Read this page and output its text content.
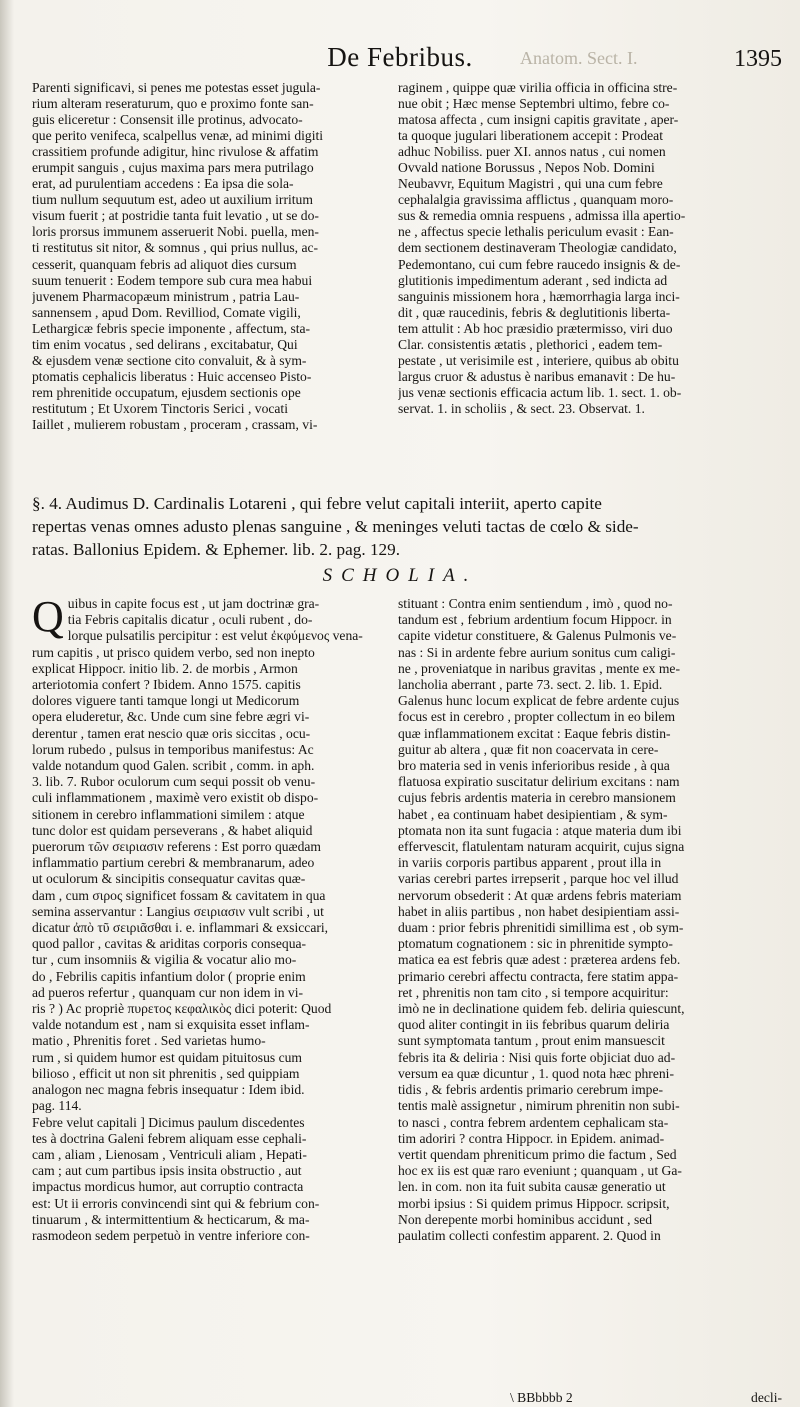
Anatom. Sect. I.
De Febribus.	1395
Parenti significavi, si penes me potestas esset jugula-
rium alteram reseraturum, quo e proximo fonte san-
guis eliceretur : Consensit ille protinus, advocato-
que perito venifeca, scalpellus venæ, ad minimi digiti
crassitiem profunde adigitur, hinc rivulose & affatim
erumpit sanguis , cujus maxima pars mera putrilago
erat, ad purulentiam accedens : Ea ipsa die sola-
tium nullum sequutum est, adeo ut auxilium irritum
visum fuerit ; at postridie tanta fuit levatio , ut se do-
loris prorsus immunem asseruerit Nobi. puella, men-
ti restitutus sit nitor, & somnus , qui prius nullus, ac-
cesserit, quanquam febris ad aliquot dies cursum
suum tenuerit : Eodem tempore sub cura mea habui
juvenem Pharmacopæum ministrum , patria Lau-
sannensem , apud Dom. Revilliod, Comate vigili,
Lethargicæ febris specie imponente , affectum, sta-
tim enim vocatus , sed delirans , excitabatur, Qui
& ejusdem venæ sectione cito convaluit, & à sym-
ptomatis cephalicis liberatus : Huic accenseo Pisto-
rem phrenitide occupatum, ejusdem sectionis ope
restitutum ; Et Uxorem Tinctoris Serici , vocati
Iaillet , mulierem robustam , proceram , crassam, vi-
raginem , quippe quæ virilia officia in officina stre-
nue obit ; Hæc mense Septembri ultimo, febre co-
matosa affecta , cum insigni capitis gravitate , aper-
ta quoque jugulari liberationem accepit : Prodeat
adhuc Nobiliss. puer XI. annos natus , cui nomen
Ovvald natione Borussus , Nepos Nob. Domini
Neubavvr, Equitum Magistri , qui una cum febre
cephalalgia gravissima afflictus , quanquam moro-
sus & remedia omnia respuens , admissa illa apertio-
ne , affectus specie lethalis periculum evasit : Ean-
dem sectionem destinaveram Theologiæ candidato,
Pedemontano, cui cum febre raucedo insignis & de-
glutitionis impedimentum aderant , sed indicta ad
sanguinis missionem hora , hæmorrhagia larga inci-
dit , quæ raucedinis, febris & deglutitionis liberta-
tem attulit : Ab hoc præsidio prætermisso, viri duo
Clar. consistentis ætatis , plethorici , eadem tem-
pestate , ut verisimile est , interiere, quibus ab obitu
largus cruor & adustus è naribus emanavit : De hu-
jus venæ sectionis efficacia actum lib. 1. sect. 1. ob-
servat. 1. in scholiis , & sect. 23. Observat. 1.
§. 4. Audimus D. Cardinalis Lotareni , qui febre velut capitali interiit, aperto capite
repertas venas omnes adusto plenas sanguine , & meninges veluti tactas de cœlo & side-
ratas. Ballonius Epidem. & Ephemer. lib. 2. pag. 129.
SCHOLIA.
Q uibus in capite focus est , ut jam doctrinæ gra-
tia Febris capitalis dicatur , oculi rubent , do-
lorque pulsatilis percipitur : est velut ἐκφύμενος vena-
rum capitis , ut prisco quidem verbo, sed non inepto
explicat Hippocr. initio lib. 2. de morbis , Armon
arteriotomia confert ? Ibidem. Anno 1575. capitis
dolores viguere tanti tamque longi ut Medicorum
opera eluderetur, &c. Unde cum sine febre ægri vi-
derentur , tamen erat nescio quæ oris siccitas , ocu-
lorum rubedo , pulsus in temporibus manifestus: Ac
valde notandum quod Galen. scribit , comm. in aph.
3. lib. 7. Rubor oculorum cum sequi possit ob venu-
culi inflammationem , maximè vero existit ob dispo-
sitionem in cerebro inflammationi similem : atque
tunc dolor est quidam perseverans , & habet aliquid
puerorum τῶν σειριασιν referens : Est porro quædam
inflammatio partium cerebri & membranarum, adeo
ut oculorum & sincipitis consequatur cavitas quæ-
dam , cum σιρος significet fossam & cavitatem in qua
semina asservantur : Langius σειριασιν vult scribi , ut
dicatur ἀπὸ τῦ σειριᾶσθαι i. e. inflammari & exsiccari,
quod pallor , cavitas & ariditas corporis consequa-
tur , cum insomniis & vigilia & vocatur alio mo-
do , Febrilis capitis infantium dolor ( proprie enim
ad pueros refertur , quanquam cur non idem in vi-
ris ? ) Ac propriè πυρετος κεφαλικὸς dici poterit: Quod
valde notandum est , nam si exquisita esset inflam-
matio , Phrenitis foret . Sed varietas humo-
rum , si quidem humor est quidam pituitosus cum
bilioso , efficit ut non sit phrenitis , sed quippiam
analogon nec magna febris insequatur : Idem ibid.
pag. 114.
Febre velut capitali ] Dicimus paulum discedentes
tes à doctrina Galeni febrem aliquam esse cephali-
cam , aliam , Lienosam , Ventriculi aliam , Hepati-
cam ; aut cum partibus ipsis insita obstructio , aut
impactus mordicus humor, aut corruptio contracta
est: Ut ii erroris convincendi sint qui & febrium con-
tinuarum , & intermittentium & hecticarum, & ma-
rasmodeon sedem perpetuò in ventre inferiore con-
stituant : Contra enim sentiendum , imò , quod no-
tandum est , febrium ardentium focum Hippocr. in
capite videtur constituere, & Galenus Pulmonis ve-
nas : Si in ardente febre aurium sonitus cum caligi-
ne , proveniatque in naribus gravitas , mente ex me-
lancholia aberrant , parte 73. sect. 2. lib. 1. Epid.
Galenus hunc locum explicat de febre ardente cujus
focus est in cerebro , propter collectum in eo bilem
quæ inflammationem excitat : Eaque febris distin-
guitur ab altera , quæ fit non coacervata in cere-
bro materia sed in venis inferioribus reside , à qua
flatuosa expiratio suscitatur delirium excitans : nam
cujus febris ardentis materia in cerebro mansionem
habet , ea continuam habet desipientiam , & sym-
ptomata non ita sunt fugacia : atque materia dum ibi
effervescit, flatulentam naturam acquirit, cujus signa
in variis corporis partibus apparent , prout illa in
varias cerebri partes irrepserit , parque hoc vel illud
nervorum obsederit : At quæ ardens febris materiam
habet in aliis partibus , non habet desipientiam assi-
duam : prior febris phrenitidi simillima est , ob sym-
ptomatum cognationem : sic in phrenitide sympto-
matica ea est febris quæ adest : præterea ardens feb.
primario cerebri affectu contracta, fere statim appa-
ret , phrenitis non tam cito , si tempore acquiritur:
imò ne in declinatione quidem feb. deliria quiescunt,
quod aliter contingit in iis febribus quarum deliria
sunt symptomata tantum , prout enim mansuescit
febris ita & deliria : Nisi quis forte objiciat duo ad-
versum ea quæ dicuntur , 1. quod nota hæc phreni-
tidis , & febris ardentis primario cerebrum impe-
tentis malè assignetur , nimirum phrenitin non subi-
to nasci , contra febrem ardentem cephalicam sta-
tim adoriri ? contra Hippocr. in Epidem. animad-
vertit quendam phreniticum primo die factum , Sed
hoc ex iis est quæ raro eveniunt ; quanquam , ut Ga-
len. in com. non ita fuit subita causæ generatio ut
morbi ipsius : Si quidem primus Hippocr. scripsit,
Non derepente morbi hominibus accidunt , sed
paulatim collecti confestim apparent. 2. Quod in
\ BBbbbb 2	decli-
